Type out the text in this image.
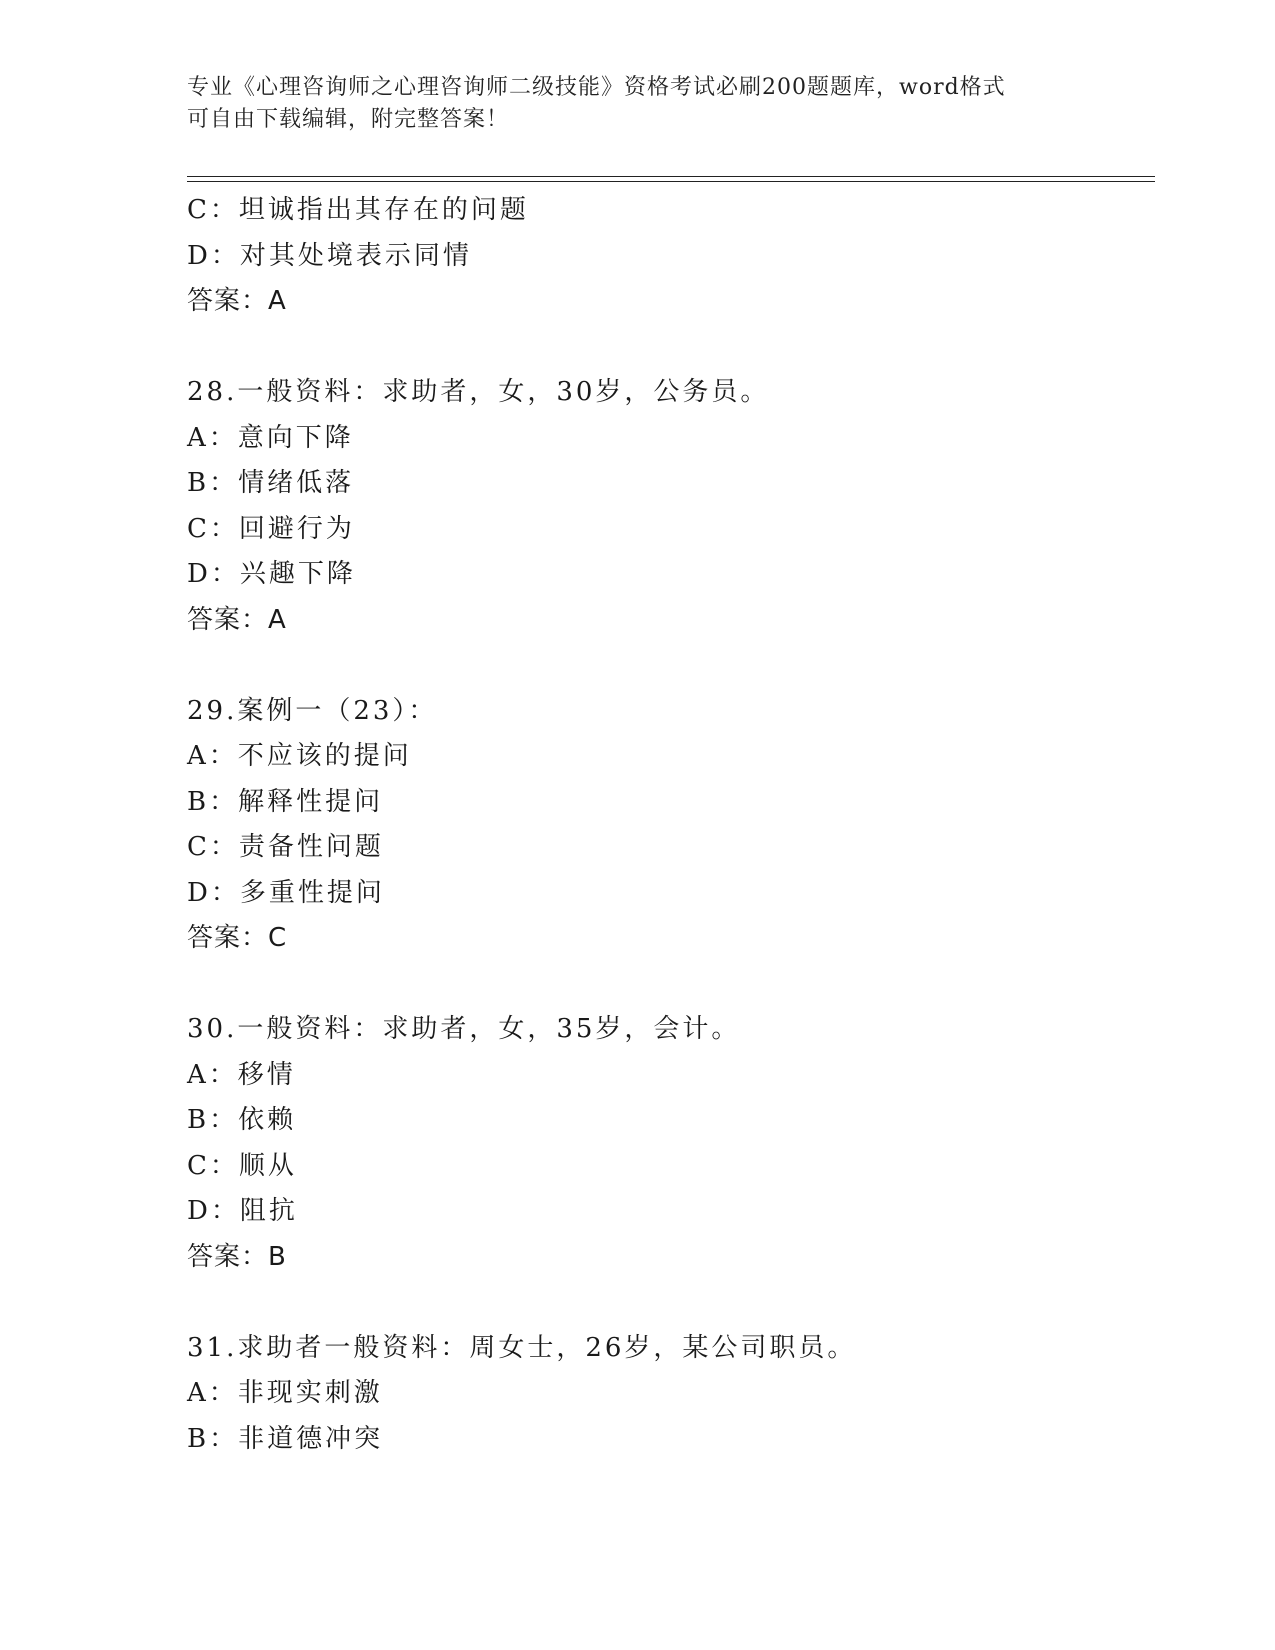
专业《心理咨询师之心理咨询师二级技能》资格考试必刷200题题库，word格式
可自由下载编辑，附完整答案！
C：坦诚指出其存在的问题
D：对其处境表示同情
答案：A
28.一般资料：求助者，女，30岁，公务员。
A：意向下降
B：情绪低落
C：回避行为
D：兴趣下降
答案：A
29.案例一（23）：
A：不应该的提问
B：解释性提问
C：责备性问题
D：多重性提问
答案：C
30.一般资料：求助者，女，35岁，会计。
A：移情
B：依赖
C：顺从
D：阻抗
答案：B
31.求助者一般资料：周女士，26岁，某公司职员。
A：非现实刺激
B：非道德冲突
